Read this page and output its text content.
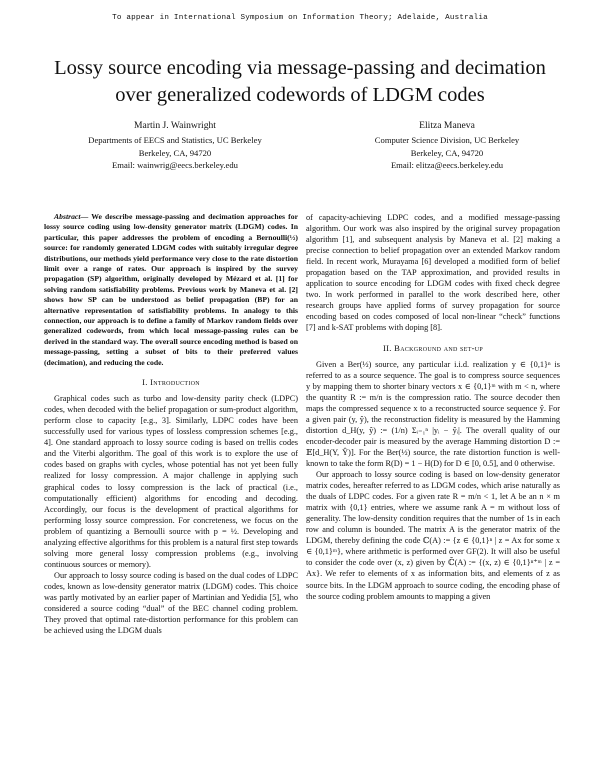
To appear in International Symposium on Information Theory; Adelaide, Australia
Lossy source encoding via message-passing and decimation
over generalized codewords of LDGM codes
Martin J. Wainwright
Departments of EECS and Statistics, UC Berkeley
Berkeley, CA, 94720
Email: wainwrig@eecs.berkeley.edu
Elitza Maneva
Computer Science Division, UC Berkeley
Berkeley, CA, 94720
Email: elitza@eecs.berkeley.edu

Abstract— We describe message-passing and decimation approaches for lossy source coding using low-density generator matrix (LDGM) codes. In particular, this paper addresses the problem of encoding a Bernoulli(½) source: for randomly generated LDGM codes with suitably irregular degree distributions, our methods yield performance very close to the rate distortion limit over a range of rates. Our approach is inspired by the survey propagation (SP) algorithm, originally developed by Mézard et al. [1] for solving random satisfiability problems. Previous work by Maneva et al. [2] shows how SP can be understood as belief propagation (BP) for an alternative representation of satisfiability problems. In analogy to this connection, our approach is to define a family of Markov random fields over generalized codewords, from which local message-passing rules can be derived in the standard way. The overall source encoding method is based on message-passing, setting a subset of bits to their preferred values (decimation), and reducing the code.

I. Introduction

Graphical codes such as turbo and low-density parity check (LDPC) codes, when decoded with the belief propagation or sum-product algorithm, perform close to capacity [e.g., 3]. Similarly, LDPC codes have been successfully used for various types of lossless compression schemes [e.g., 4]. One standard approach to lossy source coding is based on trellis codes and the Viterbi algorithm. The goal of this work is to explore the use of codes based on graphs with cycles, whose potential has not yet been fully realized for lossy compression. A major challenge in applying such graphical codes to lossy compression is the lack of practical (i.e., computationally efficient) algorithms for encoding and decoding. Accordingly, our focus is the development of practical algorithms for performing lossy source compression. For concreteness, we focus on the problem of quantizing a Bernoulli source with p = ½. Developing and analyzing effective algorithms for this problem is a natural first step towards solving more general lossy compression problems (e.g., involving continuous sources or memory).

Our approach to lossy source coding is based on the dual codes of LDPC codes, known as low-density generator matrix (LDGM) codes. This choice was partly motivated by an earlier paper of Martinian and Yedidia [5], who considered a source coding “dual” of the BEC channel coding problem. They proved that optimal rate-distortion performance for this problem can be achieved using the LDGM duals

of capacity-achieving LDPC codes, and a modified message-passing algorithm. Our work was also inspired by the original survey propagation algorithm [1], and subsequent analysis by Maneva et al. [2] making a precise connection to belief propagation over an extended Markov random field. In recent work, Murayama [6] developed a modified form of belief propagation based on the TAP approximation, and provided results in application to source encoding for LDGM codes with fixed check degree two. In work performed in parallel to the work described here, other research groups have applied forms of survey propagation for source encoding based on codes composed of local non-linear “check” functions [7] and k-SAT problems with doping [8].

II. Background and set-up

Given a Ber(½) source, any particular i.i.d. realization y ∈ {0,1}ⁿ is referred to as a source sequence. The goal is to compress source sequences y by mapping them to shorter binary vectors x ∈ {0,1}ᵐ with m < n, where the quantity R := m/n is the compression ratio. The source decoder then maps the compressed sequence x to a reconstructed source sequence ŷ. For a given pair (y, ŷ), the reconstruction fidelity is measured by the Hamming distortion d_H(y, ŷ) := (1/n) Σᵢ₌₁ⁿ |yᵢ − ŷᵢ|. The overall quality of our encoder-decoder pair is measured by the average Hamming distortion D := 𝔼[d_H(Y, Ŷ)]. For the Ber(½) source, the rate distortion function is well-known to take the form R(D) = 1 − H(D) for D ∈ [0, 0.5], and 0 otherwise.

Our approach to lossy source coding is based on low-density generator matrix codes, hereafter referred to as LDGM codes, which arise naturally as the duals of LDPC codes. For a given rate R = m/n < 1, let A be an n × m matrix with {0,1} entries, where we assume rank A = m without loss of generality. The low-density condition requires that the number of 1s in each row and column is bounded. The matrix A is the generator matrix of the LDGM, thereby defining the code ℂ(A) := {z ∈ {0,1}ⁿ | z = Ax for some x ∈ {0,1}ᵐ}, where arithmetic is performed over GF(2). It will also be useful to consider the code over (x, z) given by ℂ̄(A) := {(x, z) ∈ {0,1}ⁿ⁺ᵐ | z = Ax}. We refer to elements of x as information bits, and elements of z as source bits. In the LDGM approach to source coding, the encoding phase of the source coding problem amounts to mapping a given
